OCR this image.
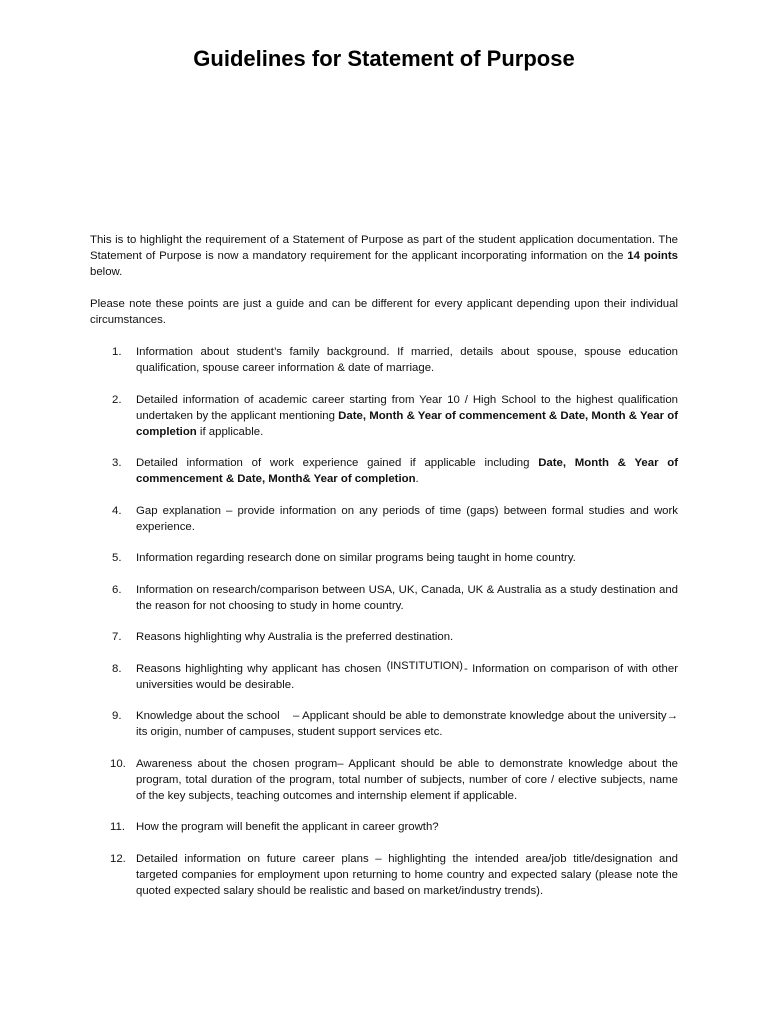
Guidelines for Statement of Purpose

This is to highlight the requirement of a Statement of Purpose as part of the student application documentation. The Statement of Purpose is now a mandatory requirement for the applicant incorporating information on the 14 points below.

Please note these points are just a guide and can be different for every applicant depending upon their individual circumstances.

1.	Information about student’s family background. If married, details about spouse, spouse education qualification, spouse career information & date of marriage.
2.	Detailed information of academic career starting from Year 10 / High School to the highest qualification undertaken by the applicant mentioning Date, Month & Year of commencement & Date, Month & Year of completion if applicable.
3.	Detailed information of work experience gained if applicable including Date, Month & Year of commencement & Date, Month& Year of completion.
4.	Gap explanation – provide information on any periods of time (gaps) between formal studies and work experience.
5.	Information regarding research done on similar programs being taught in home country.
6.	Information on research/comparison between USA, UK, Canada, UK & Australia as a study destination and the reason for not choosing to study in home country.
7.	Reasons highlighting why Australia is the preferred destination.
8.	Reasons highlighting why applicant has chosen (INSTITUTION)- Information on comparison of with other universities would be desirable.
9.	Knowledge about the school    – Applicant should be able to demonstrate knowledge about the university→ its origin, number of campuses, student support services etc.
10. Awareness about the chosen program– Applicant should be able to demonstrate knowledge about the program, total duration of the program, total number of subjects, number of core / elective subjects, name of the key subjects, teaching outcomes and internship element if applicable.
11. How the program will benefit the applicant in career growth?
12. Detailed information on future career plans – highlighting the intended area/job title/designation and targeted companies for employment upon returning to home country and expected salary (please note the quoted expected salary should be realistic and based on market/industry trends).
